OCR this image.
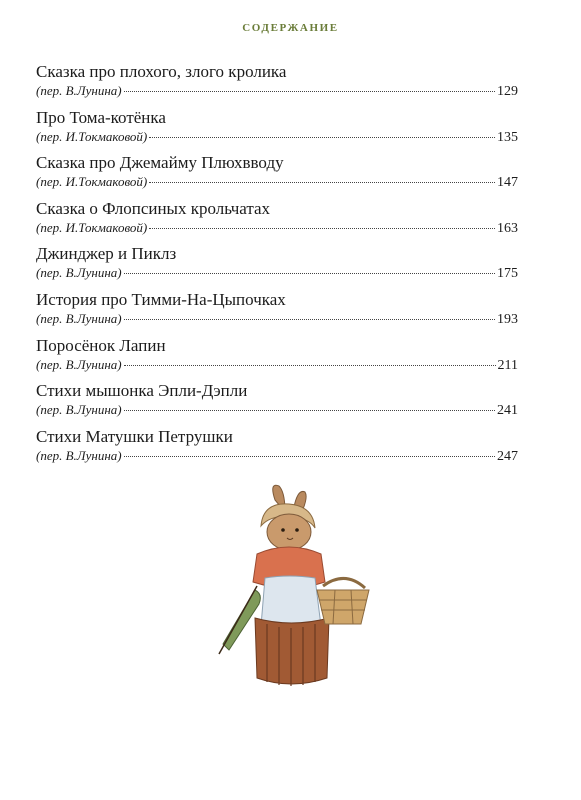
СОДЕРЖАНИЕ
Сказка про плохого, злого кролика
(пер. В.Лунина)	129
Про Тома-котёнка
(пер. И.Токмаковой)	135
Сказка про Джемайму Плюхвводу
(пер. И.Токмаковой)	147
Сказка о Флопсиных крольчатах
(пер. И.Токмаковой)	163
Джинджер и Пиклз
(пер. В.Лунина)	175
История про Тимми-На-Цыпочках
(пер. В.Лунина)	193
Поросёнок Лапин
(пер. В.Лунина)	211
Стихи мышонка Эпли-Дэпли
(пер. В.Лунина)	241
Стихи Матушки Петрушки
(пер. В.Лунина)	247
